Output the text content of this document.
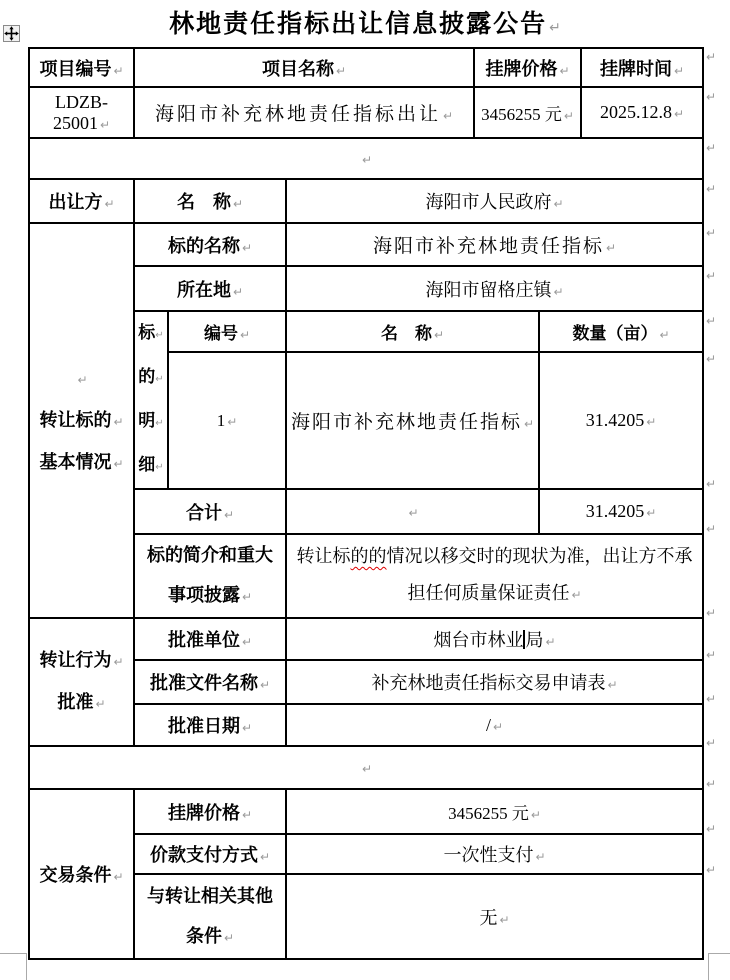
林地责任指标出让信息披露公告 ↵
项目编号 ↵	项目名称 ↵			挂牌价格 ↵		挂牌时间 ↵
LDZB-25001 ↵	海阳市补充林地责任指标出让 ↵			3456255 元 ↵		2025.12.8 ↵
↵						
出让方 ↵	名　称 ↵		海阳市人民政府 ↵			

↵
转让标的 ↵
基本情况 ↵	标的名称 ↵		海阳市补充林地责任指标 ↵			
	所在地 ↵		海阳市留格庄镇 ↵			

	标↵
的↵
明↵
细↵	编号 ↵	名　称 ↵		数量（亩） ↵	
		1 ↵	海阳市补充林地责任指标 ↵		31.4205 ↵	
	合计 ↵		↵		31.4205 ↵	

	标的简介和重大
事项披露 ↵		转让标的的情况以移交时的现状为准，出让方不承担任何质量保证责任 ↵			

转让行为 ↵
批准 ↵	批准单位 ↵		烟台市林业 局 ↵			
	批准文件名称 ↵		补充林地责任指标交易申请表 ↵			
	批准日期 ↵		/ ↵			
↵						
交易条件 ↵	挂牌价格 ↵		3456255 元 ↵			
	价款支付方式 ↵		一次性支付 ↵			

	与转让相关其他
条件 ↵		无 ↵			
↵
↵
↵
↵
↵
↵
↵
↵
↵
↵
↵
↵
↵
↵
↵
↵
↵
